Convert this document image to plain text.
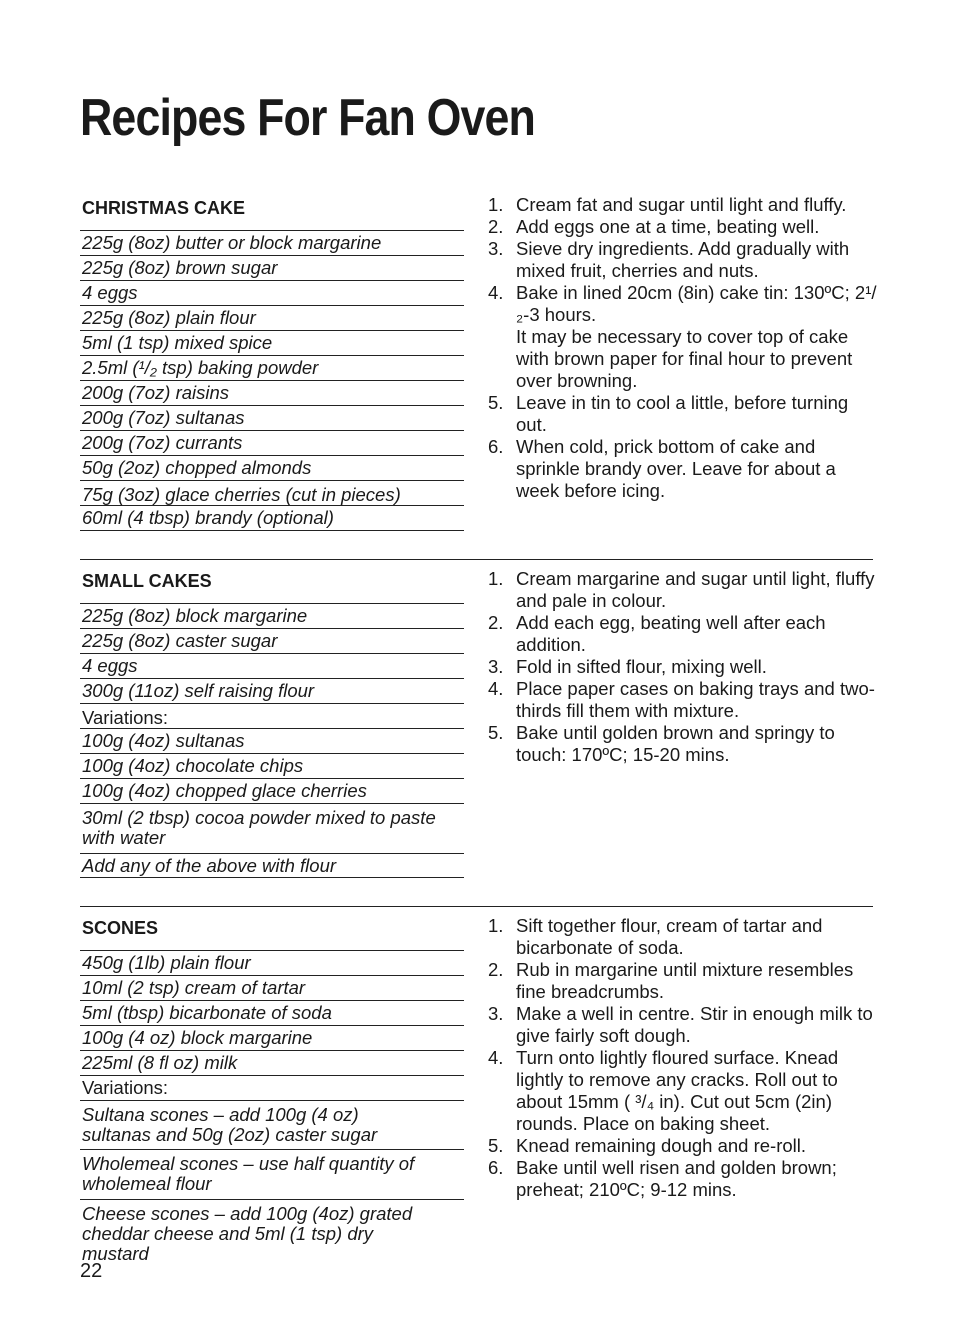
Recipes For Fan Oven
CHRISTMAS CAKE
225g (8oz) butter or block margarine
225g (8oz) brown sugar
4 eggs
225g (8oz) plain flour
5ml (1 tsp) mixed spice
2.5ml (¹/₂ tsp) baking powder
200g (7oz) raisins
200g (7oz) sultanas
200g (7oz) currants
50g (2oz) chopped almonds
75g (3oz) glace cherries (cut in pieces)
60ml (4 tbsp) brandy (optional)
1. Cream fat and sugar until light and fluffy.
2. Add eggs one at a time, beating well.
3. Sieve dry ingredients. Add gradually with mixed fruit, cherries and nuts.
4. Bake in lined 20cm (8in) cake tin: 130ºC; 2¹/₂-3 hours.
It may be necessary to cover top of cake with brown paper for final hour to prevent over browning.
5. Leave in tin to cool a little, before turning out.
6. When cold, prick bottom of cake and sprinkle brandy over. Leave for about a week before icing.
SMALL CAKES
225g (8oz) block margarine
225g (8oz) caster sugar
4 eggs
300g (11oz) self raising flour
Variations:
100g (4oz) sultanas
100g (4oz) chocolate chips
100g (4oz) chopped glace cherries
30ml (2 tbsp) cocoa powder mixed to paste with water
Add any of the above with flour
1. Cream margarine and sugar until light, fluffy and pale in colour.
2. Add each egg, beating well after each addition.
3. Fold in sifted flour, mixing well.
4. Place paper cases on baking trays and two-thirds fill them with mixture.
5. Bake until golden brown and springy to touch: 170ºC; 15-20 mins.
SCONES
450g (1lb) plain flour
10ml (2 tsp) cream of tartar
5ml (tbsp) bicarbonate of soda
100g (4 oz) block margarine
225ml (8 fl oz) milk
Variations:
Sultana scones – add 100g (4 oz) sultanas and 50g (2oz) caster sugar
Wholemeal scones – use half quantity of wholemeal flour
Cheese scones – add 100g (4oz) grated cheddar cheese and 5ml (1 tsp) dry mustard
1. Sift together flour, cream of tartar and bicarbonate of soda.
2. Rub in margarine until mixture resembles fine breadcrumbs.
3. Make a well in centre. Stir in enough milk to give fairly soft dough.
4. Turn onto lightly floured surface. Knead lightly to remove any cracks. Roll out to about 15mm ( ³/₄ in). Cut out 5cm (2in) rounds. Place on baking sheet.
5. Knead remaining dough and re-roll.
6. Bake until well risen and golden brown; preheat; 210ºC; 9-12 mins.
22
